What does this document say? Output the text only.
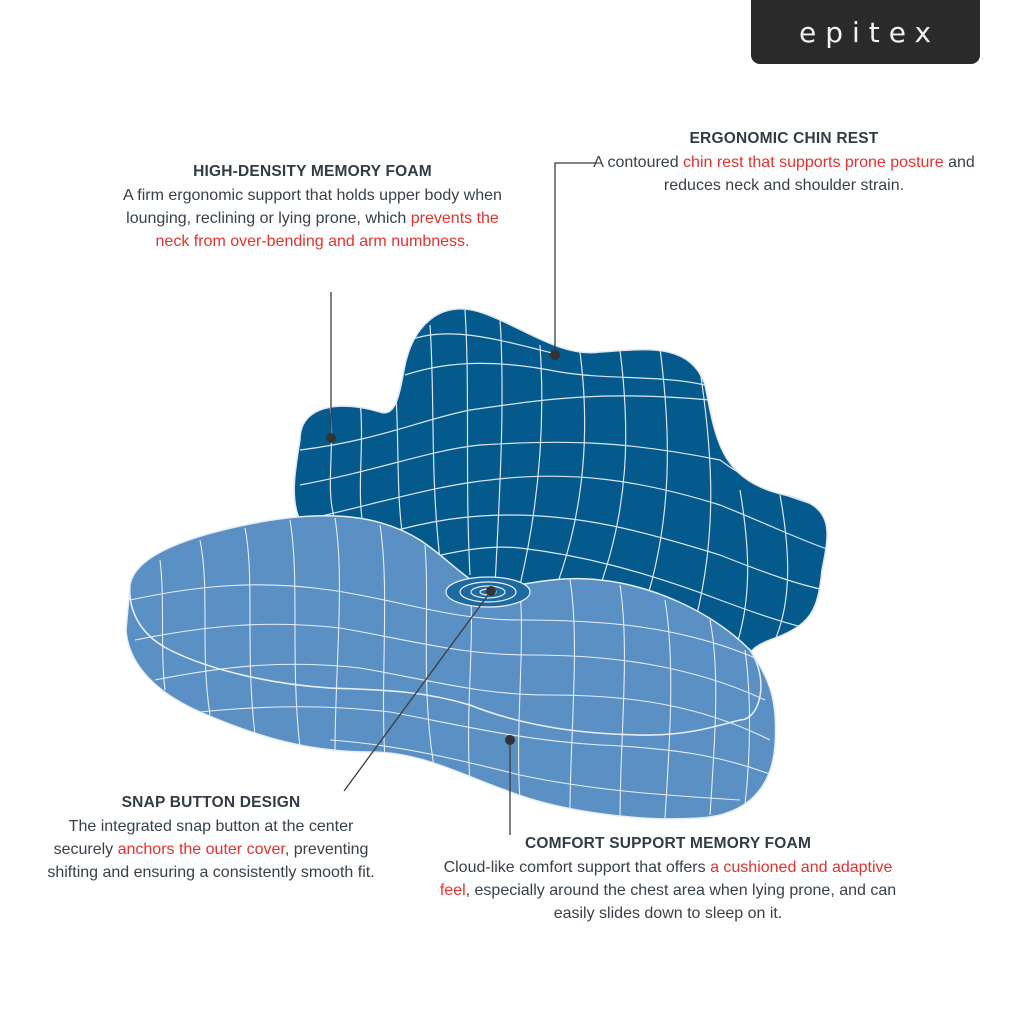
epitex
HIGH-DENSITY MEMORY FOAM

A firm ergonomic support that holds upper body when lounging, reclining or lying prone, which prevents the neck from over-bending and arm numbness.

ERGONOMIC CHIN REST

A contoured chin rest that supports prone posture and reduces neck and shoulder strain.

SNAP BUTTON DESIGN

The integrated snap button at the center securely anchors the outer cover, preventing shifting and ensuring a consistently smooth fit.

COMFORT SUPPORT MEMORY FOAM

Cloud-like comfort support that offers a cushioned and adaptive feel, especially around the chest area when lying prone, and can easily slides down to sleep on it.
